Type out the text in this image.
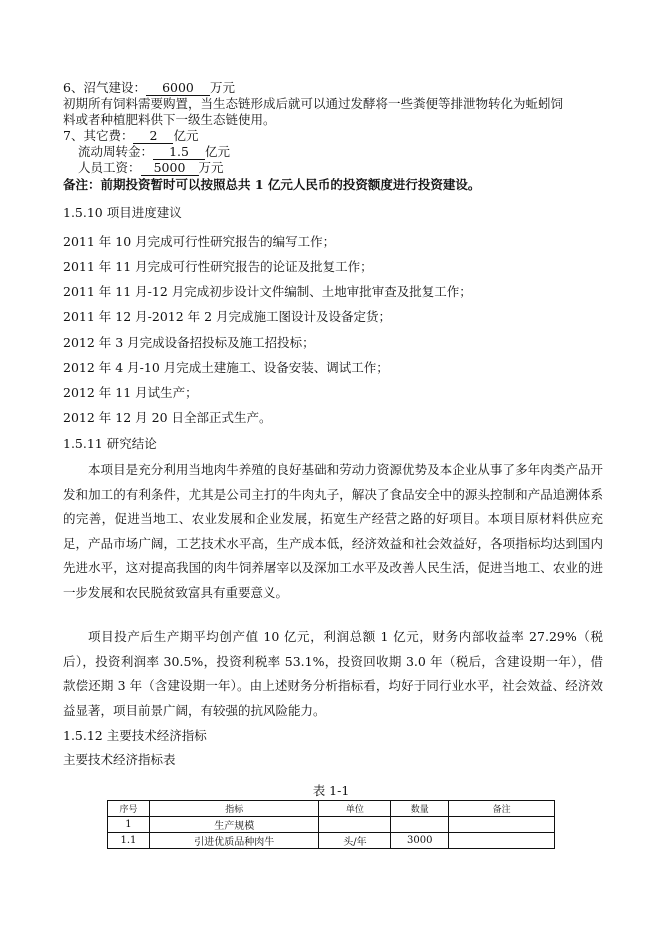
6、沼气建设： 6000 万元
初期所有饲料需要购置，当生态链形成后就可以通过发酵将一些粪便等排泄物转化为蚯蚓饲
料或者种植肥料供下一级生态链使用。
7、其它费： 2 亿元
流动周转金： 1.5 亿元
人员工资： 5000 万元
备注：前期投资暂时可以按照总共 1 亿元人民币的投资额度进行投资建设。
1.5.10 项目进度建议
2011 年 10 月完成可行性研究报告的编写工作；
2011 年 11 月完成可行性研究报告的论证及批复工作；
2011 年 11 月-12 月完成初步设计文件编制、土地审批审查及批复工作；
2011 年 12 月-2012 年 2 月完成施工图设计及设备定货；
2012 年 3 月完成设备招投标及施工招投标；
2012 年 4 月-10 月完成土建施工、设备安装、调试工作；
2012 年 11 月试生产；
2012 年 12 月 20 日全部正式生产。
1.5.11 研究结论
本项目是充分利用当地肉牛养殖的良好基础和劳动力资源优势及本企业从事了多年肉类产品开发和加工的有利条件，尤其是公司主打的牛肉丸子，解决了食品安全中的源头控制和产品追溯体系的完善，促进当地工、农业发展和企业发展，拓宽生产经营之路的好项目。本项目原材料供应充足，产品市场广阔，工艺技术水平高，生产成本低，经济效益和社会效益好，各项指标均达到国内先进水平，这对提高我国的肉牛饲养屠宰以及深加工水平及改善人民生活，促进当地工、农业的进一步发展和农民脱贫致富具有重要意义。
项目投产后生产期平均创产值 10 亿元，利润总额 1 亿元，财务内部收益率 27.29%（税后），投资利润率 30.5%，投资利税率 53.1%，投资回收期 3.0 年（税后，含建设期一年），借款偿还期 3 年（含建设期一年）。由上述财务分析指标看，均好于同行业水平，社会效益、经济效益显著，项目前景广阔，有较强的抗风险能力。
1.5.12 主要技术经济指标
主要技术经济指标表
表 1-1
序号	指标	单位	数量	备注
1	生产规模			
1.1	引进优质品种肉牛	头/年	3000	
